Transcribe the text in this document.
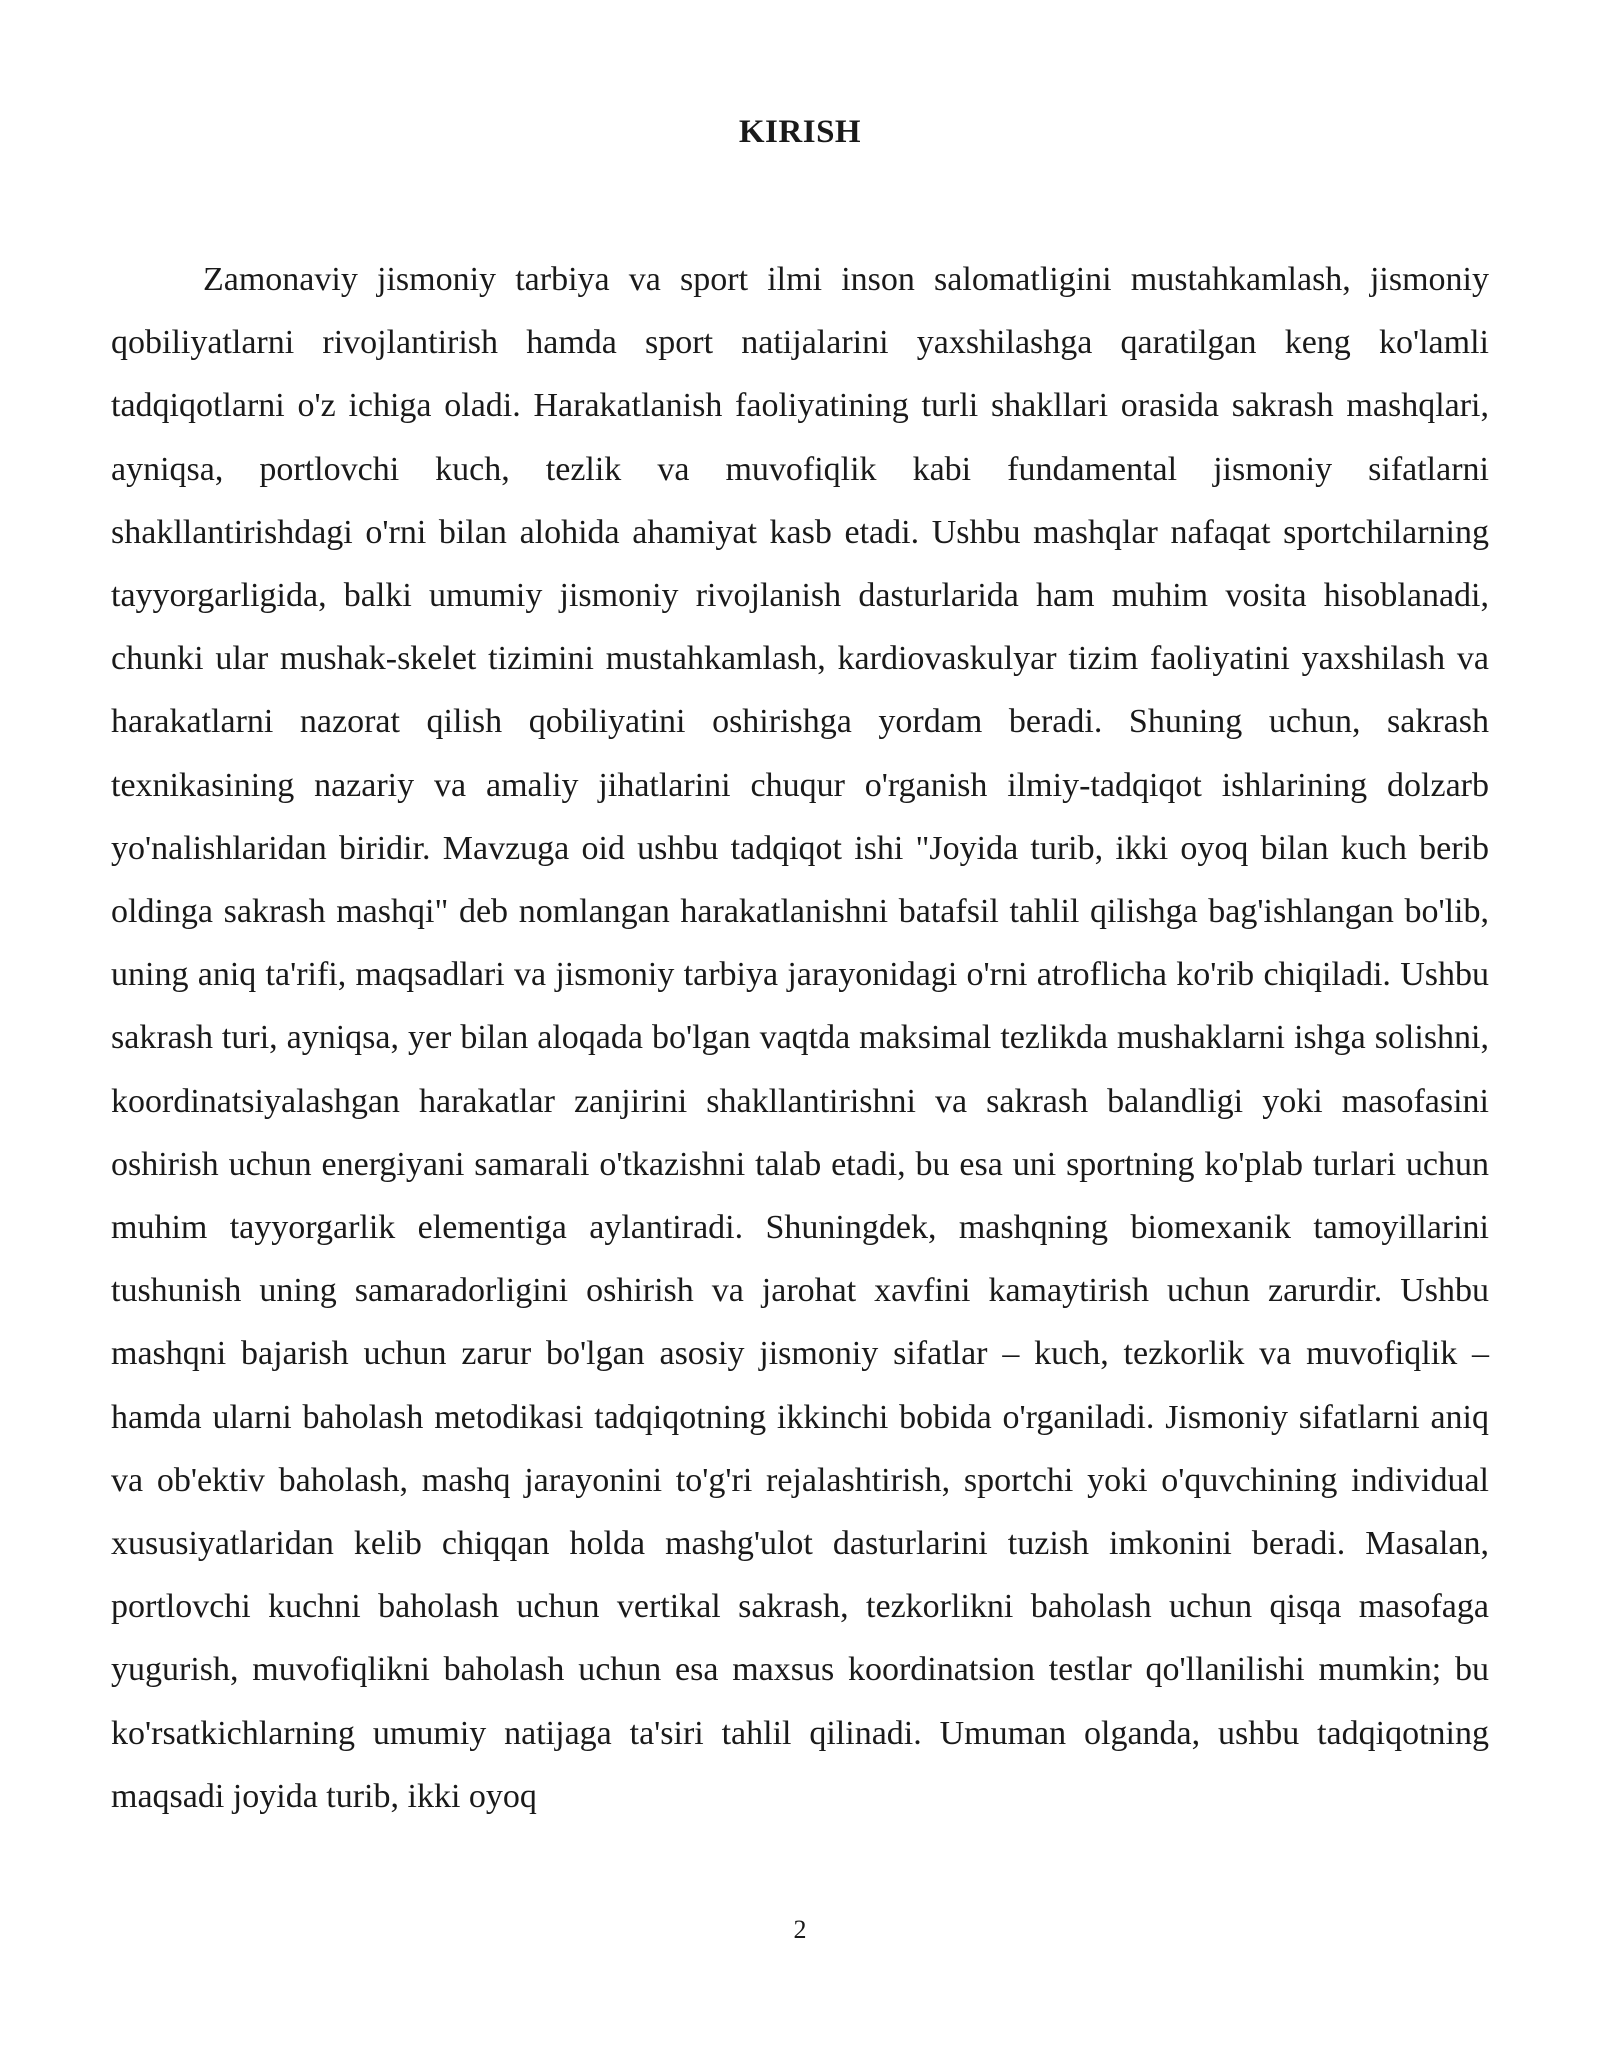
KIRISH

Zamonaviy jismoniy tarbiya va sport ilmi inson salomatligini mustahkamlash, jismoniy qobiliyatlarni rivojlantirish hamda sport natijalarini yaxshilashga qaratilgan keng ko'lamli tadqiqotlarni o'z ichiga oladi. Harakatlanish faoliyatining turli shakllari orasida sakrash mashqlari, ayniqsa, portlovchi kuch, tezlik va muvofiqlik kabi fundamental jismoniy sifatlarni shakllantirishdagi o'rni bilan alohida ahamiyat kasb etadi. Ushbu mashqlar nafaqat sportchilarning tayyorgarligida, balki umumiy jismoniy rivojlanish dasturlarida ham muhim vosita hisoblanadi, chunki ular mushak-skelet tizimini mustahkamlash, kardiovaskulyar tizim faoliyatini yaxshilash va harakatlarni nazorat qilish qobiliyatini oshirishga yordam beradi. Shuning uchun, sakrash texnikasining nazariy va amaliy jihatlarini chuqur o'rganish ilmiy-tadqiqot ishlarining dolzarb yo'nalishlaridan biridir. Mavzuga oid ushbu tadqiqot ishi "Joyida turib, ikki oyoq bilan kuch berib oldinga sakrash mashqi" deb nomlangan harakatlanishni batafsil tahlil qilishga bag'ishlangan bo'lib, uning aniq ta'rifi, maqsadlari va jismoniy tarbiya jarayonidagi o'rni atroflicha ko'rib chiqiladi. Ushbu sakrash turi, ayniqsa, yer bilan aloqada bo'lgan vaqtda maksimal tezlikda mushaklarni ishga solishni, koordinatsiyalashgan harakatlar zanjirini shakllantirishni va sakrash balandligi yoki masofasini oshirish uchun energiyani samarali o'tkazishni talab etadi, bu esa uni sportning ko'plab turlari uchun muhim tayyorgarlik elementiga aylantiradi. Shuningdek, mashqning biomexanik tamoyillarini tushunish uning samaradorligini oshirish va jarohat xavfini kamaytirish uchun zarurdir. Ushbu mashqni bajarish uchun zarur bo'lgan asosiy jismoniy sifatlar – kuch, tezkorlik va muvofiqlik – hamda ularni baholash metodikasi tadqiqotning ikkinchi bobida o'rganiladi. Jismoniy sifatlarni aniq va ob'ektiv baholash, mashq jarayonini to'g'ri rejalashtirish, sportchi yoki o'quvchining individual xususiyatlaridan kelib chiqqan holda mashg'ulot dasturlarini tuzish imkonini beradi. Masalan, portlovchi kuchni baholash uchun vertikal sakrash, tezkorlikni baholash uchun qisqa masofaga yugurish, muvofiqlikni baholash uchun esa maxsus koordinatsion testlar qo'llanilishi mumkin; bu ko'rsatkichlarning umumiy natijaga ta'siri tahlil qilinadi. Umuman olganda, ushbu tadqiqotning maqsadi joyida turib, ikki oyoq

2
